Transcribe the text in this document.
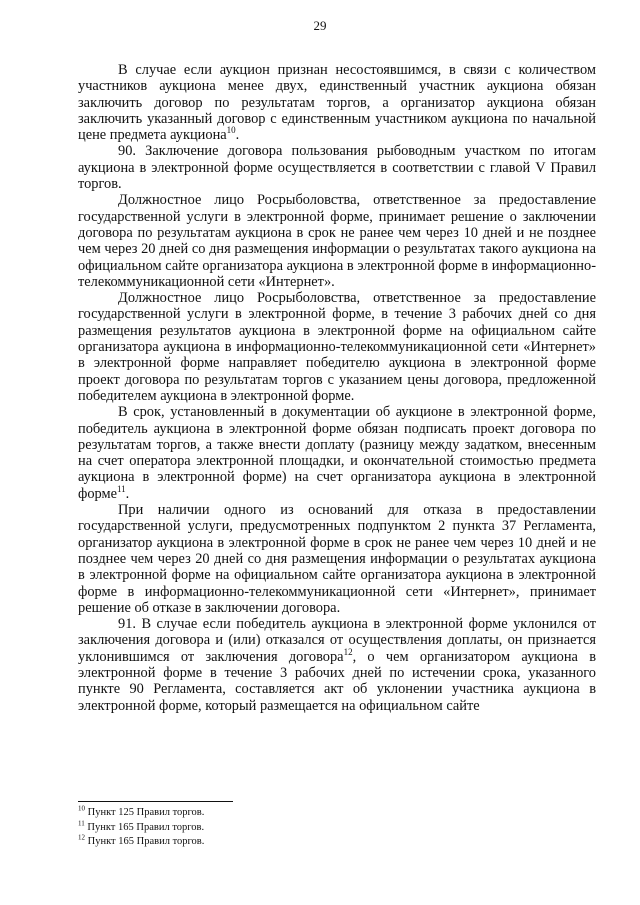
29

В случае если аукцион признан несостоявшимся, в связи с количеством участников аукциона менее двух, единственный участник аукциона обязан заключить договор по результатам торгов, а организатор аукциона обязан заключить указанный договор с единственным участником аукциона по начальной цене предмета аукциона$^{10}$.

90. Заключение договора пользования рыбоводным участком по итогам аукциона в электронной форме осуществляется в соответствии с главой V Правил торгов.

Должностное лицо Росрыболовства, ответственное за предоставление государственной услуги в электронной форме, принимает решение о заключении договора по результатам аукциона в срок не ранее чем через 10 дней и не позднее чем через 20 дней со дня размещения информации о результатах такого аукциона на официальном сайте организатора аукциона в электронной форме в информационно-телекоммуникационной сети «Интернет».

Должностное лицо Росрыболовства, ответственное за предоставление государственной услуги в электронной форме, в течение 3 рабочих дней со дня размещения результатов аукциона в электронной форме на официальном сайте организатора аукциона в информационно-телекоммуникационной сети «Интернет» в электронной форме направляет победителю аукциона в электронной форме проект договора по результатам торгов с указанием цены договора, предложенной победителем аукциона в электронной форме.

В срок, установленный в документации об аукционе в электронной форме, победитель аукциона в электронной форме обязан подписать проект договора по результатам торгов, а также внести доплату (разницу между задатком, внесенным на счет оператора электронной площадки, и окончательной стоимостью предмета аукциона в электронной форме) на счет организатора аукциона в электронной форме$^{11}$.

При наличии одного из оснований для отказа в предоставлении государственной услуги, предусмотренных подпунктом 2 пункта 37 Регламента, организатор аукциона в электронной форме в срок не ранее чем через 10 дней и не позднее чем через 20 дней со дня размещения информации о результатах аукциона в электронной форме на официальном сайте организатора аукциона в электронной форме в информационно-телекоммуникационной сети «Интернет», принимает решение об отказе в заключении договора.

91. В случае если победитель аукциона в электронной форме уклонился от заключения договора и (или) отказался от осуществления доплаты, он признается уклонившимся от заключения договора$^{12}$, о чем организатором аукциона в электронной форме в течение 3 рабочих дней по истечении срока, указанного пункте 90 Регламента, составляется акт об уклонении участника аукциона в электронной форме, который размещается на официальном сайте

$^{10}$ Пункт 125 Правил торгов.
$^{11}$ Пункт 165 Правил торгов.
$^{12}$ Пункт 165 Правил торгов.
